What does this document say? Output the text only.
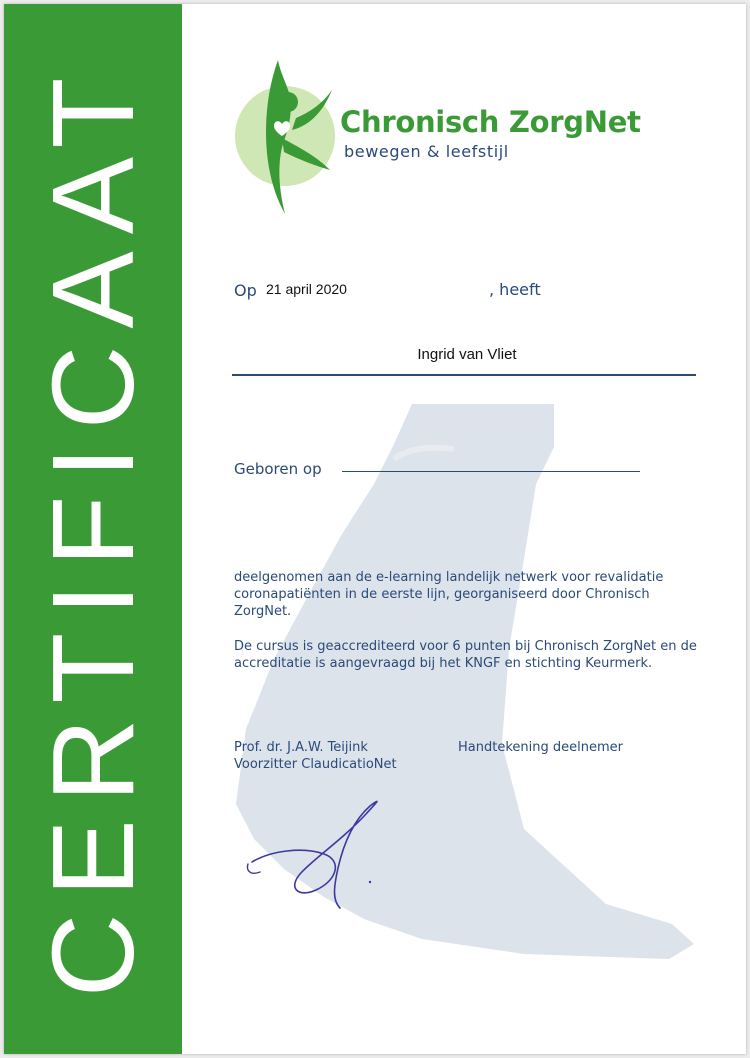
CERTIFICAAT	Chronisch ZorgNet
bewegen & leefstijl
Op 21 april 2020	, heeft
Ingrid van Vliet
Geboren op
deelgenomen aan de e-learning landelijk netwerk voor revalidatie coronapatiënten in de eerste lijn, georganiseerd door Chronisch ZorgNet.
De cursus is geaccrediteerd voor 6 punten bij Chronisch ZorgNet en de accreditatie is aangevraagd bij het KNGF en stichting Keurmerk.
Prof. dr. J.A.W. Teijink
Voorzitter ClaudicatioNet
Handtekening deelnemer
